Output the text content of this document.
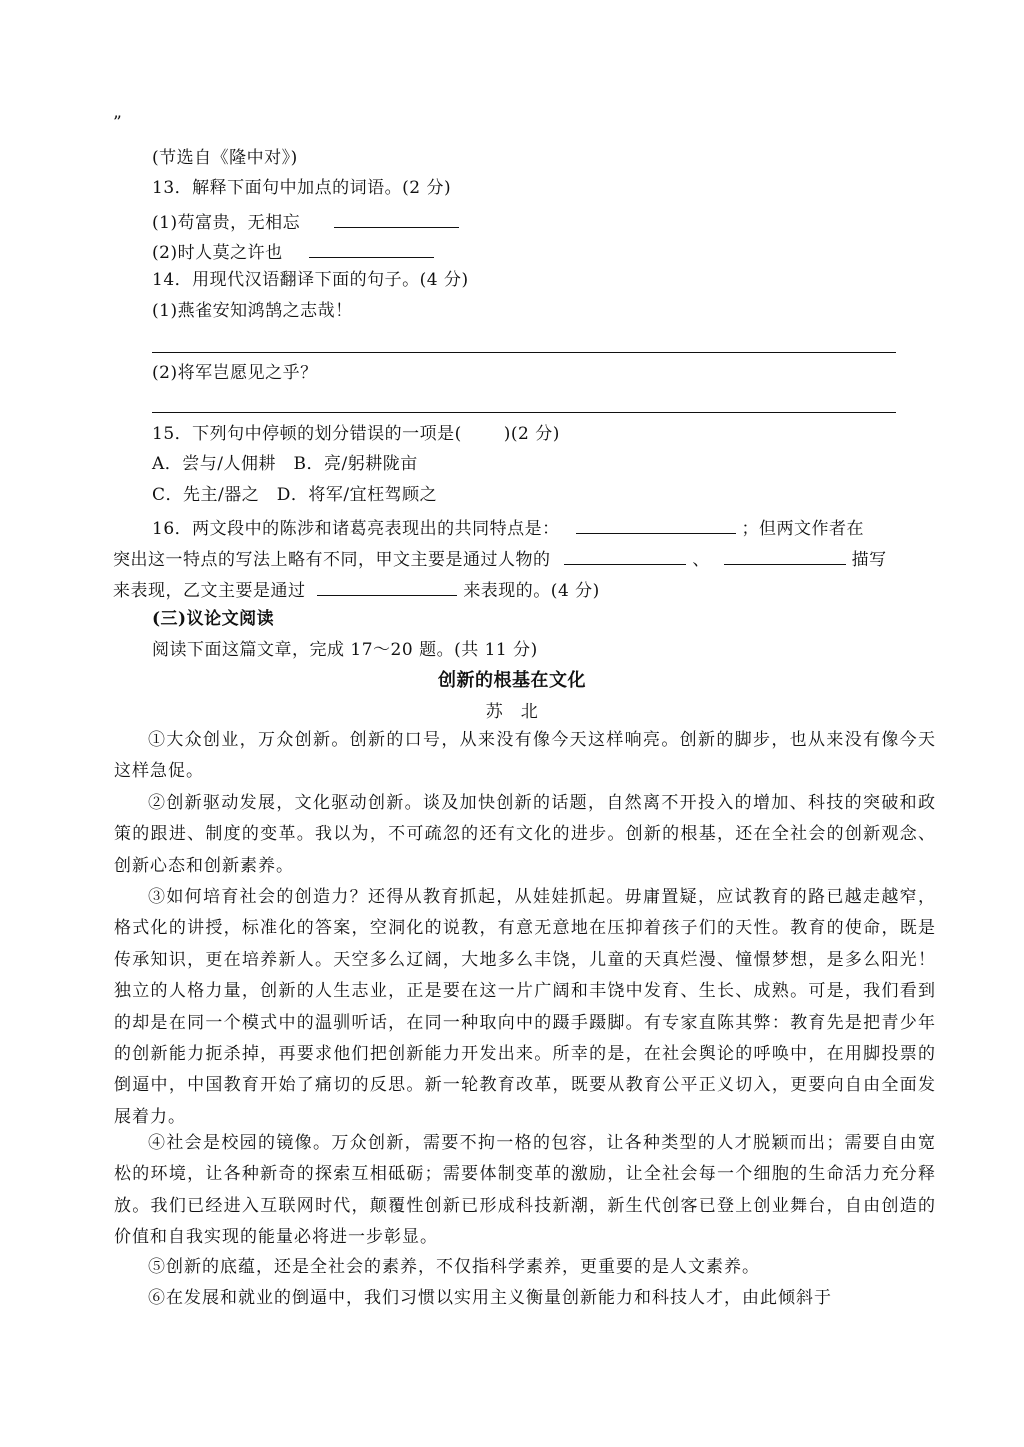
”
(节选自《隆中对》)
13．解释下面句中加点的词语。(2 分)
(1)苟富贵，无相忘
(2)时人莫之许也
14．用现代汉语翻译下面的句子。(4 分)
(1)燕雀安知鸿鹄之志哉！
(2)将军岂愿见之乎？
15．下列句中停顿的划分错误的一项是( )(2 分)
A．尝与/人佣耕　B．亮/躬耕陇亩
C．先主/器之　D．将军/宜枉驾顾之
16．两文段中的陈涉和诸葛亮表现出的共同特点是：	；但两文作者在
突出这一特点的写法上略有不同，甲文主要是通过人物的	、	描写
来表现，乙文主要是通过	来表现的。(4 分)
(三)议论文阅读
阅读下面这篇文章，完成 17～20 题。(共 11 分)
创新的根基在文化
苏　北
①大众创业，万众创新。创新的口号，从来没有像今天这样响亮。创新的脚步，也从来没有像今天这样急促。
②创新驱动发展，文化驱动创新。谈及加快创新的话题，自然离不开投入的增加、科技的突破和政策的跟进、制度的变革。我以为，不可疏忽的还有文化的进步。创新的根基，还在全社会的创新观念、创新心态和创新素养。
③如何培育社会的创造力？还得从教育抓起，从娃娃抓起。毋庸置疑，应试教育的路已越走越窄，格式化的讲授，标准化的答案，空洞化的说教，有意无意地在压抑着孩子们的天性。教育的使命，既是传承知识，更在培养新人。天空多么辽阔，大地多么丰饶，儿童的天真烂漫、憧憬梦想，是多么阳光！独立的人格力量，创新的人生志业，正是要在这一片广阔和丰饶中发育、生长、成熟。可是，我们看到的却是在同一个模式中的温驯听话，在同一种取向中的蹑手蹑脚。有专家直陈其弊：教育先是把青少年的创新能力扼杀掉，再要求他们把创新能力开发出来。所幸的是，在社会舆论的呼唤中，在用脚投票的倒逼中，中国教育开始了痛切的反思。新一轮教育改革，既要从教育公平正义切入，更要向自由全面发展着力。
④社会是校园的镜像。万众创新，需要不拘一格的包容，让各种类型的人才脱颖而出；需要自由宽松的环境，让各种新奇的探索互相砥砺；需要体制变革的激励，让全社会每一个细胞的生命活力充分释放。我们已经进入互联网时代，颠覆性创新已形成科技新潮，新生代创客已登上创业舞台，自由创造的价值和自我实现的能量必将进一步彰显。
⑤创新的底蕴，还是全社会的素养，不仅指科学素养，更重要的是人文素养。
⑥在发展和就业的倒逼中，我们习惯以实用主义衡量创新能力和科技人才，由此倾斜于
